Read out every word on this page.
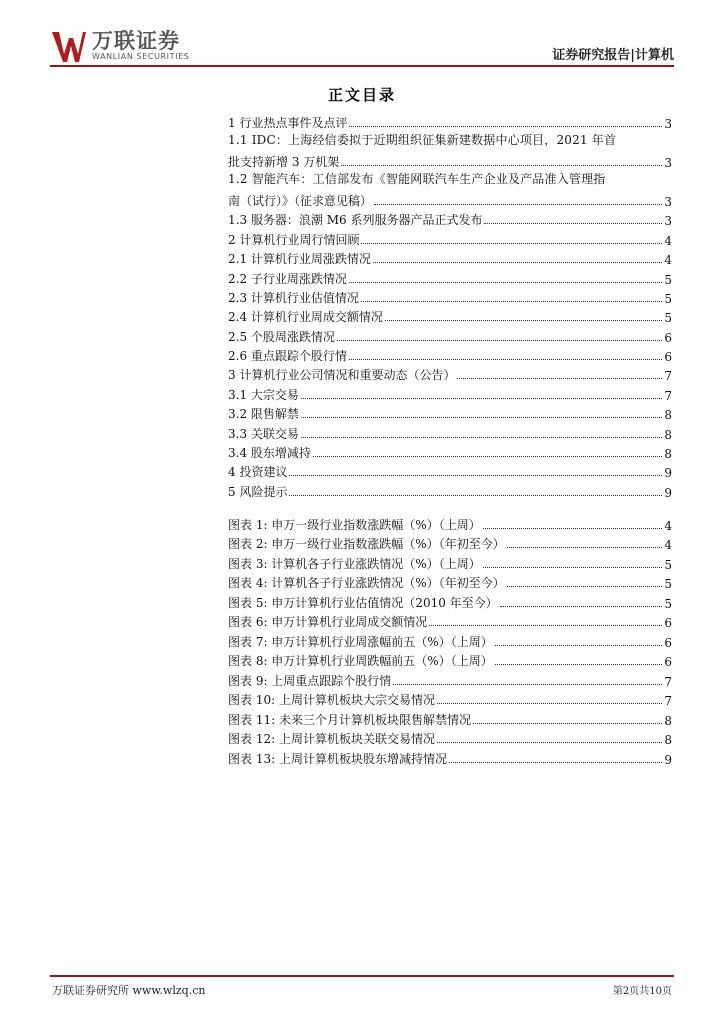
万联证券
WANLIAN SECURITIES	证券研究报告|计算机
正文目录
1 行业热点事件及点评	3
1.1 IDC：上海经信委拟于近期组织征集新建数据中心项目，2021 年首
批支持新增 3 万机架	3
1.2 智能汽车：工信部发布《智能网联汽车生产企业及产品准入管理指
南（试行）》（征求意见稿）	3
1.3 服务器：浪潮 M6 系列服务器产品正式发布	3
2 计算机行业周行情回顾	4
2.1 计算机行业周涨跌情况	4
2.2 子行业周涨跌情况	5
2.3 计算机行业估值情况	5
2.4 计算机行业周成交额情况	5
2.5 个股周涨跌情况	6
2.6 重点跟踪个股行情	6
3 计算机行业公司情况和重要动态（公告）	7
3.1 大宗交易	7
3.2 限售解禁	8
3.3 关联交易	8
3.4 股东增减持	8
4 投资建议	9
5 风险提示	9
图表 1: 申万一级行业指数涨跌幅（%）（上周）	4
图表 2: 申万一级行业指数涨跌幅（%）（年初至今）	4
图表 3: 计算机各子行业涨跌情况（%）（上周）	5
图表 4: 计算机各子行业涨跌情况（%）（年初至今）	5
图表 5: 申万计算机行业估值情况（2010 年至今）	5
图表 6: 申万计算机行业周成交额情况	6
图表 7: 申万计算机行业周涨幅前五（%）（上周）	6
图表 8: 申万计算机行业周跌幅前五（%）（上周）	6
图表 9: 上周重点跟踪个股行情	7
图表 10: 上周计算机板块大宗交易情况	7
图表 11: 未来三个月计算机板块限售解禁情况	8
图表 12: 上周计算机板块关联交易情况	8
图表 13: 上周计算机板块股东增减持情况	9
万联证券研究所 www.wlzq.cn	第2页共10页
